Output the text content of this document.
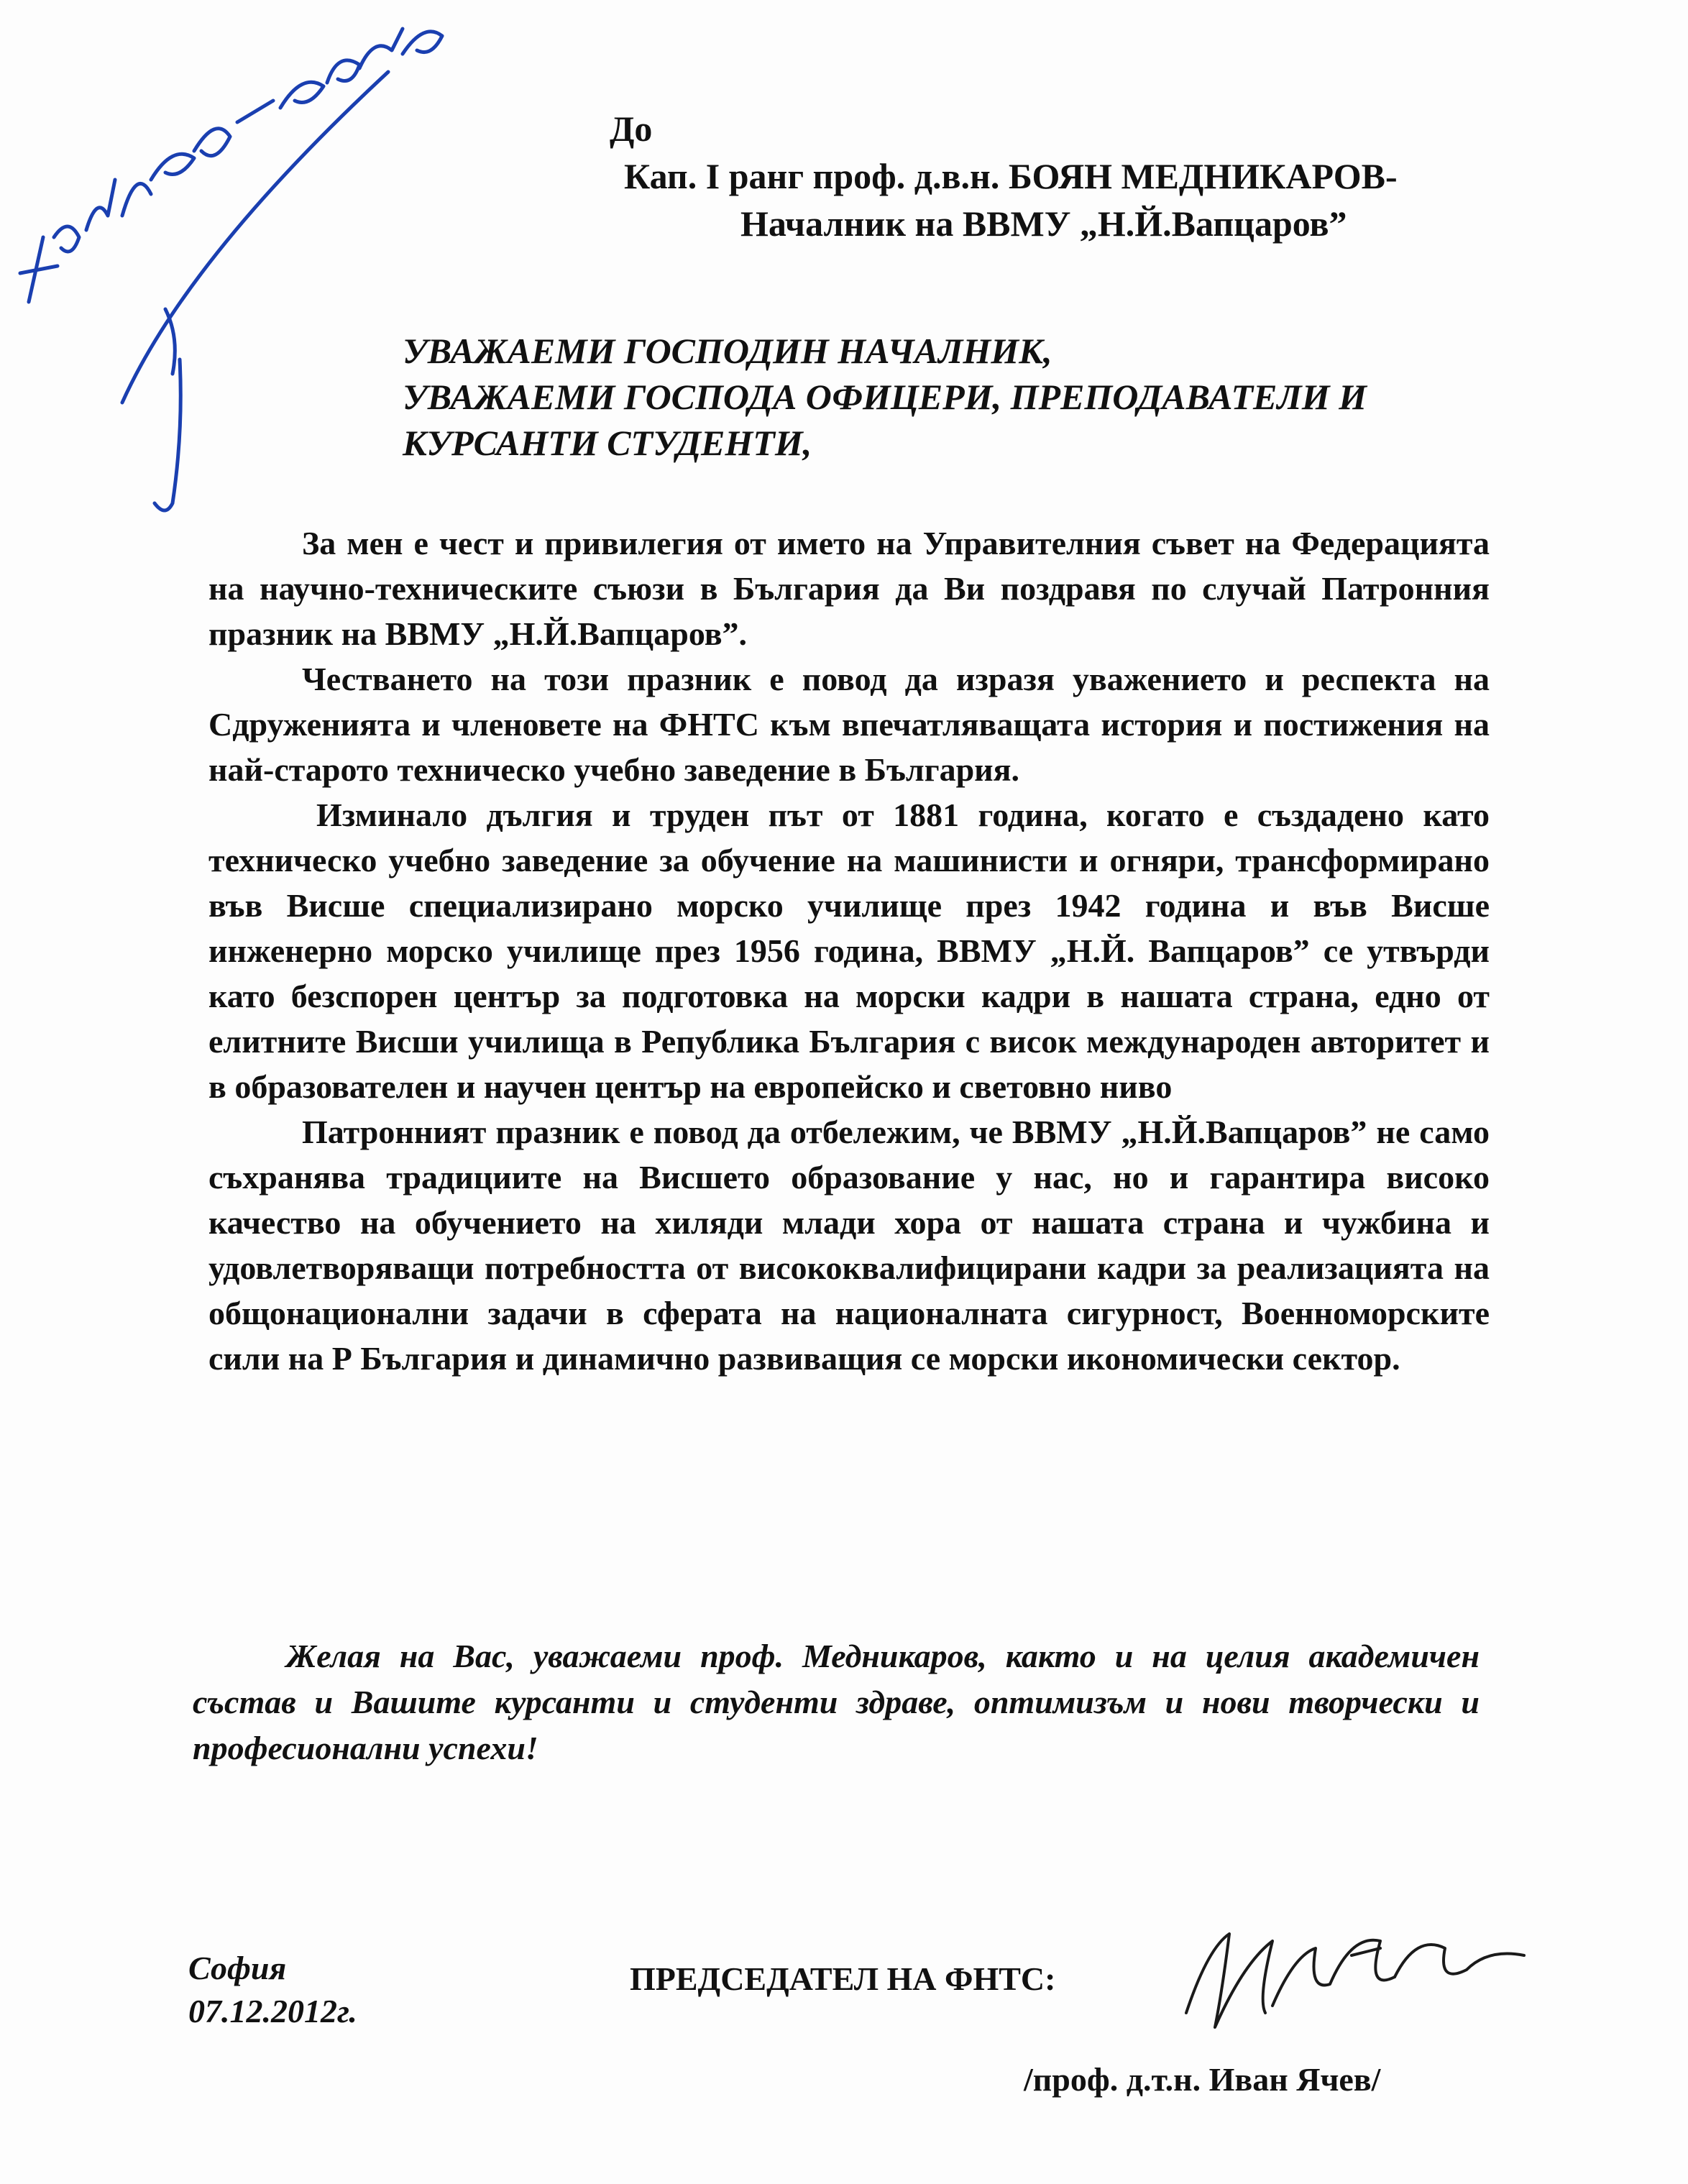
До
Кап. I ранг проф. д.в.н. БОЯН МЕДНИКАРОВ-
Началник на ВВМУ „Н.Й.Вапцаров”
УВАЖАЕМИ ГОСПОДИН НАЧАЛНИК,
УВАЖАЕМИ ГОСПОДА ОФИЦЕРИ, ПРЕПОДАВАТЕЛИ И
КУРСАНТИ СТУДЕНТИ,

За мен е чест и привилегия от името на Управителния съвет на Федерацията на научно-техническите съюзи в България да Ви поздравя по случай Патронния празник на ВВМУ „Н.Й.Вапцаров”.

Честването на този празник е повод да изразя уважението и респекта на Сдруженията и членовете на ФНТС към впечатляващата история и постижения на най-старото техническо учебно заведение в България.

Изминало дългия и труден път от 1881 година, когато е създадено като техническо учебно заведение за обучение на машинисти и огняри, трансформирано във Висше специализирано морско училище през 1942 година и във Висше инженерно морско училище през 1956 година, ВВМУ „Н.Й. Вапцаров” се утвърди като безспорен център за подготовка на морски кадри в нашата страна, едно от елитните Висши училища в Република България с висок международен авторитет и в образователен и научен център на европейско и световно ниво

Патронният празник е повод да отбележим, че ВВМУ „Н.Й.Вапцаров” не само съхранява традициите на Висшето образование у нас, но и гарантира високо качество на обучението на хиляди млади хора от нашата страна и чужбина и удовлетворяващи потребността от висококвалифицирани кадри за реализацията на общонационални задачи в сферата на националната сигурност, Военноморските сили на Р България и динамично развиващия се морски икономически сектор.

Желая на Вас, уважаеми проф. Медникаров, както и на целия академичен състав и Вашите курсанти и студенти здраве, оптимизъм и нови творчески и професионални успехи!
София
07.12.2012г.
ПРЕДСЕДАТЕЛ НА ФНТС:
/проф. д.т.н. Иван Ячев/
